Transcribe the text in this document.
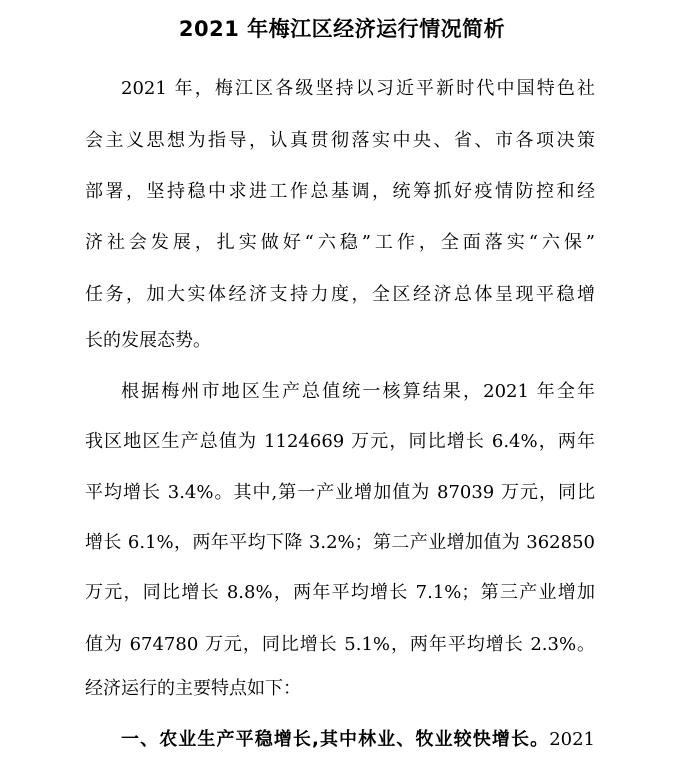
2021 年梅江区经济运行情况简析
2021 年，梅江区各级坚持以习近平新时代中国特色社
会主义思想为指导，认真贯彻落实中央、省、市各项决策
部署，坚持稳中求进工作总基调，统筹抓好疫情防控和经
济社会发展，扎实做好“六稳”工作，全面落实“六保”
任务，加大实体经济支持力度，全区经济总体呈现平稳增
长的发展态势。
根据梅州市地区生产总值统一核算结果，2021 年全年
我区地区生产总值为 1124669 万元，同比增长 6.4%，两年
平均增长 3.4%。其中,第一产业增加值为 87039 万元，同比
增长 6.1%，两年平均下降 3.2%；第二产业增加值为 362850
万元，同比增长 8.8%，两年平均增长 7.1%；第三产业增加
值为 674780 万元，同比增长 5.1%，两年平均增长 2.3%。
经济运行的主要特点如下：
一、农业生产平稳增长,其中林业、牧业较快增长。2021
